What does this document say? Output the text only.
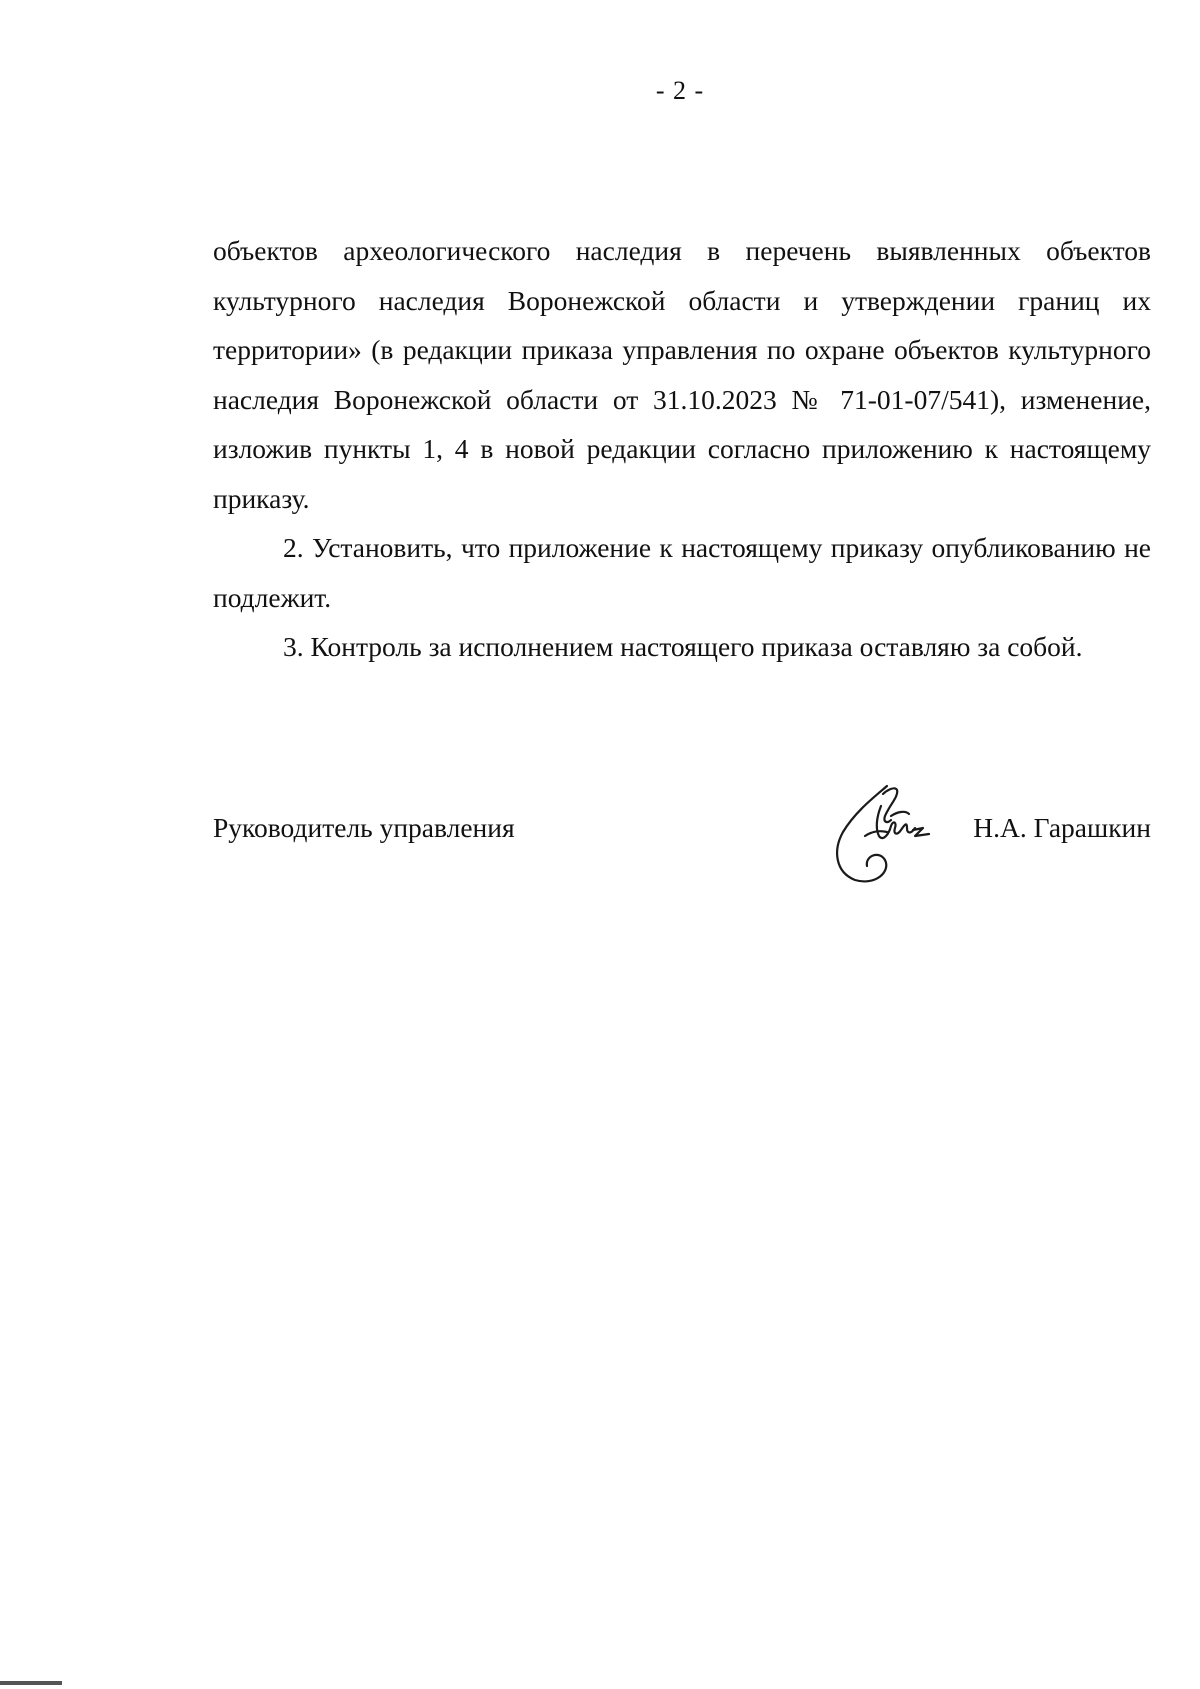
- 2 -

объектов археологического наследия в перечень выявленных объектов культурного наследия Воронежской области и утверждении границ их территории» (в редакции приказа управления по охране объектов культурного наследия Воронежской области от 31.10.2023 № 71-01-07/541), изменение, изложив пункты 1, 4 в новой редакции согласно приложению к настоящему приказу.

2. Установить, что приложение к настоящему приказу опубликованию не подлежит.

3. Контроль за исполнением настоящего приказа оставляю за собой.

Руководитель управления	Н.А. Гарашкин
